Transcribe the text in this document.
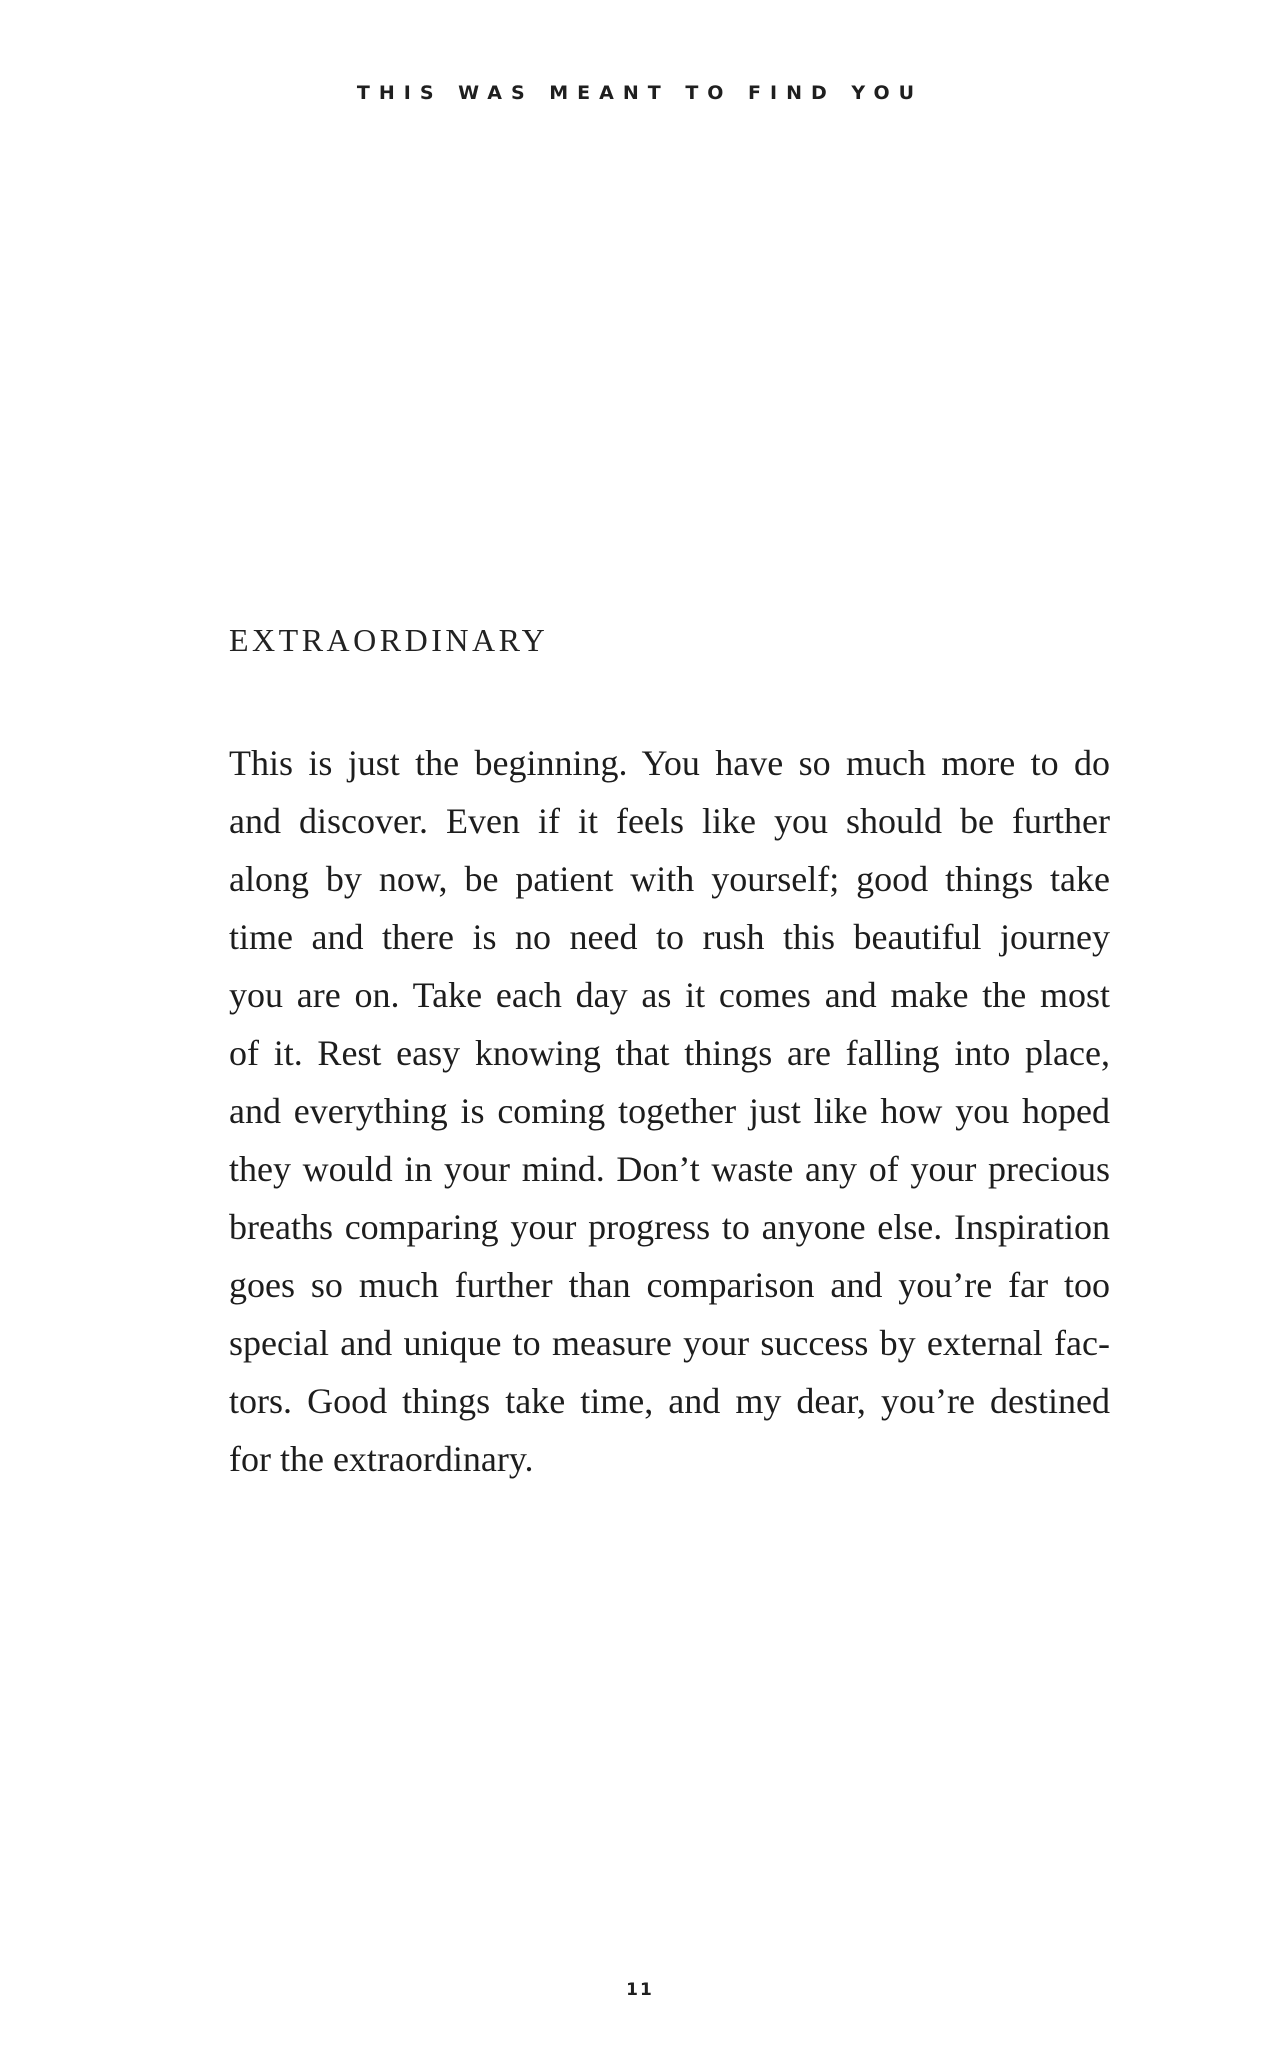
THIS WAS MEANT TO FIND YOU
EXTRAORDINARY
This is just the beginning. You have so much more to do
and discover. Even if it feels like you should be further
along by now, be patient with yourself; good things take
time and there is no need to rush this beautiful journey
you are on. Take each day as it comes and make the most
of it. Rest easy knowing that things are falling into place,
and everything is coming together just like how you hoped
they would in your mind. Don’t waste any of your precious
breaths comparing your progress to anyone else. Inspiration
goes so much further than comparison and you’re far too
special and unique to measure your success by external fac-
tors. Good things take time, and my dear, you’re destined
for the extraordinary.
11
